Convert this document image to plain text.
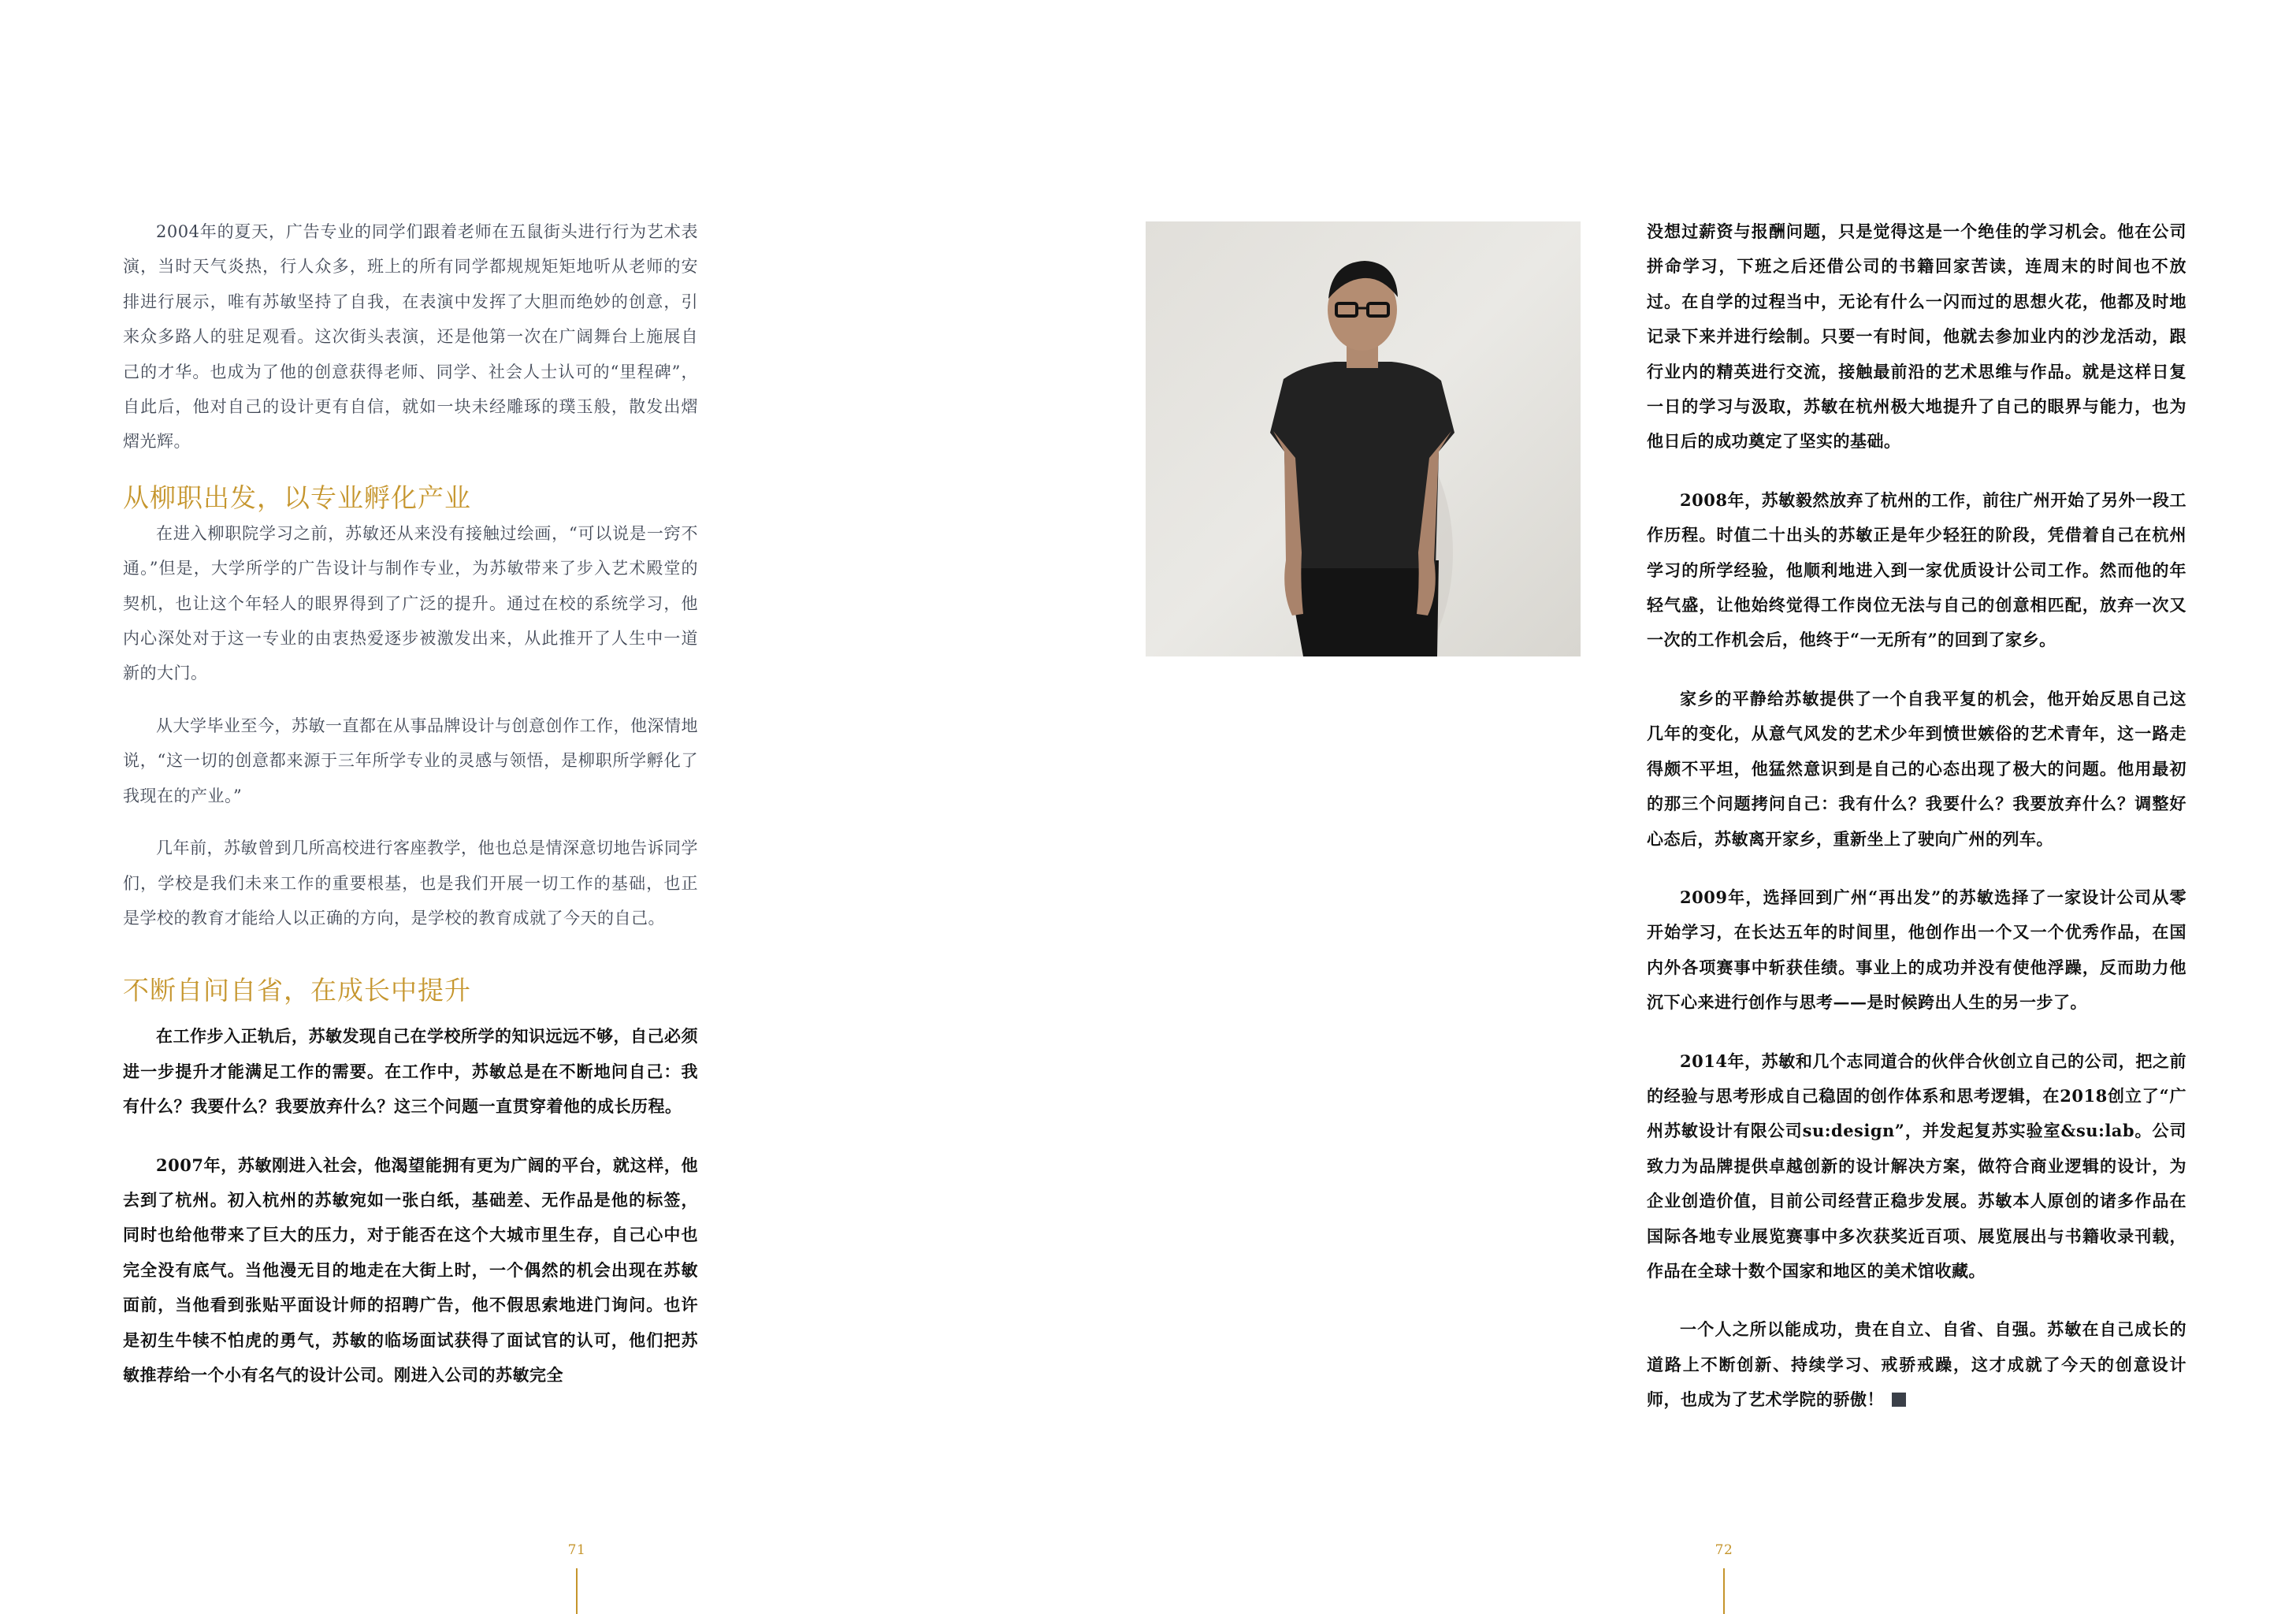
2004年的夏天，广告专业的同学们跟着老师在五鼠街头进行行为艺术表演，当时天气炎热，行人众多，班上的所有同学都规规矩矩地听从老师的安排进行展示，唯有苏敏坚持了自我，在表演中发挥了大胆而绝妙的创意，引来众多路人的驻足观看。这次街头表演，还是他第一次在广阔舞台上施展自己的才华。也成为了他的创意获得老师、同学、社会人士认可的“里程碑”，自此后，他对自己的设计更有自信，就如一块未经雕琢的璞玉般，散发出熠熠光辉。

从柳职出发，以专业孵化产业

在进入柳职院学习之前，苏敏还从来没有接触过绘画，“可以说是一窍不通。”但是，大学所学的广告设计与制作专业，为苏敏带来了步入艺术殿堂的契机，也让这个年轻人的眼界得到了广泛的提升。通过在校的系统学习，他内心深处对于这一专业的由衷热爱逐步被激发出来，从此推开了人生中一道新的大门。

从大学毕业至今，苏敏一直都在从事品牌设计与创意创作工作，他深情地说，“这一切的创意都来源于三年所学专业的灵感与领悟，是柳职所学孵化了我现在的产业。”

几年前，苏敏曾到几所高校进行客座教学，他也总是情深意切地告诉同学们，学校是我们未来工作的重要根基，也是我们开展一切工作的基础，也正是学校的教育才能给人以正确的方向，是学校的教育成就了今天的自己。

不断自问自省，在成长中提升

在工作步入正轨后，苏敏发现自己在学校所学的知识远远不够，自己必须进一步提升才能满足工作的需要。在工作中，苏敏总是在不断地问自己：我有什么？我要什么？我要放弃什么？这三个问题一直贯穿着他的成长历程。

2007年，苏敏刚进入社会，他渴望能拥有更为广阔的平台，就这样，他去到了杭州。初入杭州的苏敏宛如一张白纸，基础差、无作品是他的标签，同时也给他带来了巨大的压力，对于能否在这个大城市里生存，自己心中也完全没有底气。当他漫无目的地走在大街上时，一个偶然的机会出现在苏敏面前，当他看到张贴平面设计师的招聘广告，他不假思索地进门询问。也许是初生牛犊不怕虎的勇气，苏敏的临场面试获得了面试官的认可，他们把苏敏推荐给一个小有名气的设计公司。刚进入公司的苏敏完全

没想过薪资与报酬问题，只是觉得这是一个绝佳的学习机会。他在公司拼命学习，下班之后还借公司的书籍回家苦读，连周末的时间也不放过。在自学的过程当中，无论有什么一闪而过的思想火花，他都及时地记录下来并进行绘制。只要一有时间，他就去参加业内的沙龙活动，跟行业内的精英进行交流，接触最前沿的艺术思维与作品。就是这样日复一日的学习与汲取，苏敏在杭州极大地提升了自己的眼界与能力，也为他日后的成功奠定了坚实的基础。

2008年，苏敏毅然放弃了杭州的工作，前往广州开始了另外一段工作历程。时值二十出头的苏敏正是年少轻狂的阶段，凭借着自己在杭州学习的所学经验，他顺利地进入到一家优质设计公司工作。然而他的年轻气盛，让他始终觉得工作岗位无法与自己的创意相匹配，放弃一次又一次的工作机会后，他终于“一无所有”的回到了家乡。

家乡的平静给苏敏提供了一个自我平复的机会，他开始反思自己这几年的变化，从意气风发的艺术少年到愤世嫉俗的艺术青年，这一路走得颇不平坦，他猛然意识到是自己的心态出现了极大的问题。他用最初的那三个问题拷问自己：我有什么？我要什么？我要放弃什么？调整好心态后，苏敏离开家乡，重新坐上了驶向广州的列车。

2009年，选择回到广州“再出发”的苏敏选择了一家设计公司从零开始学习，在长达五年的时间里，他创作出一个又一个优秀作品，在国内外各项赛事中斩获佳绩。事业上的成功并没有使他浮躁，反而助力他沉下心来进行创作与思考——是时候跨出人生的另一步了。

2014年，苏敏和几个志同道合的伙伴合伙创立自己的公司，把之前的经验与思考形成自己稳固的创作体系和思考逻辑，在2018创立了“广州苏敏设计有限公司su:design”，并发起复苏实验室&su:lab。公司致力为品牌提供卓越创新的设计解决方案，做符合商业逻辑的设计，为企业创造价值，目前公司经营正稳步发展。苏敏本人原创的诸多作品在国际各地专业展览赛事中多次获奖近百项、展览展出与书籍收录刊载，作品在全球十数个国家和地区的美术馆收藏。

一个人之所以能成功，贵在自立、自省、自强。苏敏在自己成长的道路上不断创新、持续学习、戒骄戒躁，这才成就了今天的创意设计师，也成为了艺术学院的骄傲！

71	72
